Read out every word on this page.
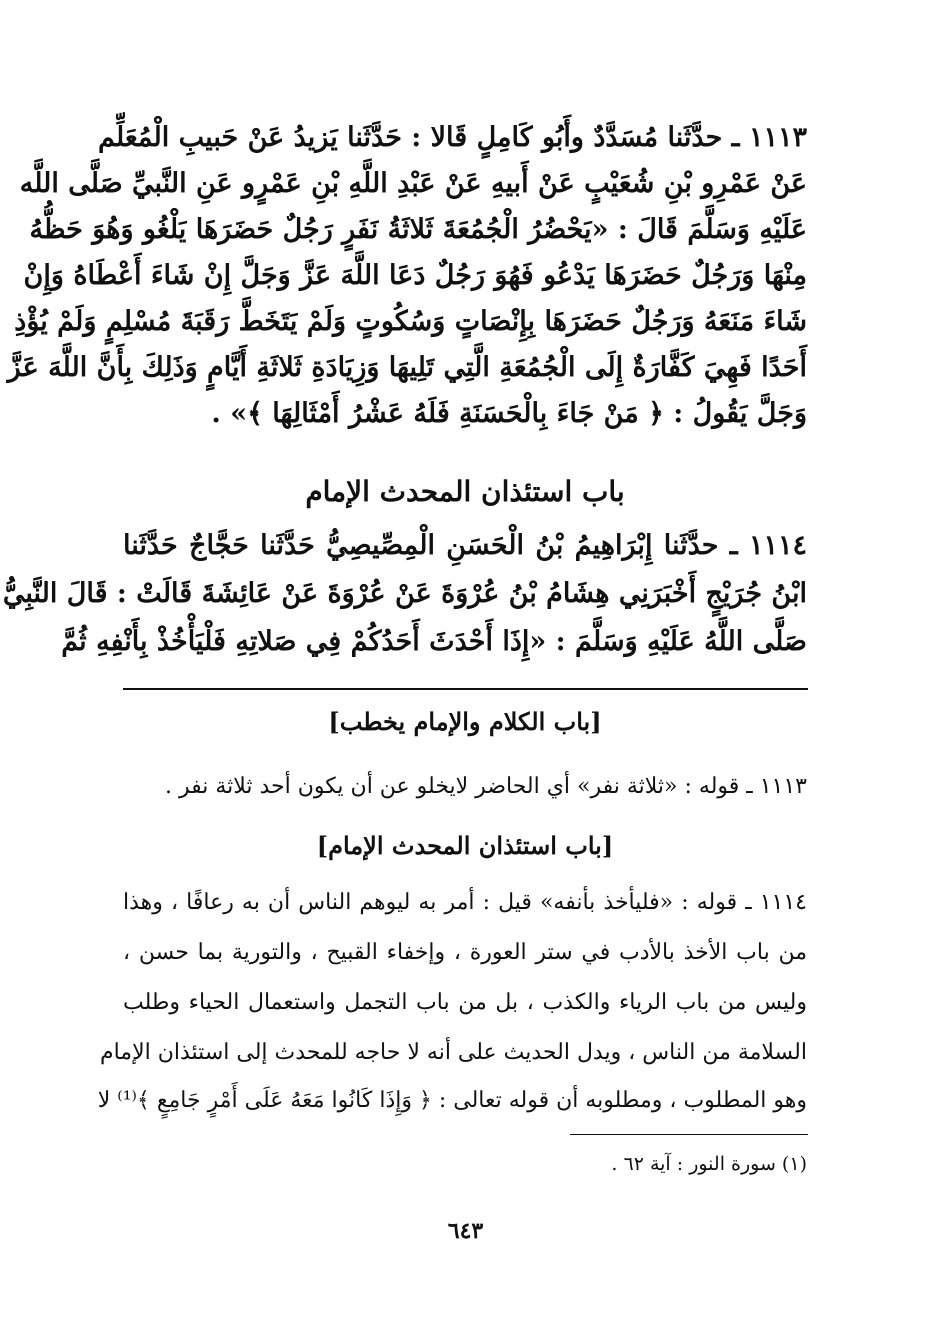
١١١٣ ـ حدَّثَنا مُسَدَّدٌ وأَبُو كَامِلٍ قَالا : حَدَّثَنا يَزيدُ عَنْ حَبيبِ الْمُعَلِّم
عَنْ عَمْرِو بْنِ شُعَيْبٍ عَنْ أَبيهِ عَنْ عَبْدِ اللَّهِ بْنِ عَمْرٍو عَنِ النَّبيِّ صَلَّى اللَّه
عَلَيْهِ وَسَلَّمَ قَالَ : «يَحْضُرُ الْجُمُعَةَ ثَلاثَةُ نَفَرٍ رَجُلٌ حَضَرَهَا يَلْغُو وَهُوَ حَظُّهُ
مِنْهَا وَرَجُلٌ حَضَرَهَا يَدْعُو فَهُوَ رَجُلٌ دَعَا اللَّهَ عَزَّ وَجَلَّ إِنْ شَاءَ أَعْطَاهُ وَإِنْ
شَاءَ مَنَعَهُ وَرَجُلٌ حَضَرَهَا بِإِنْصَاتٍ وَسُكُوتٍ وَلَمْ يَتَخَطَّ رَقَبَةَ مُسْلِمٍ وَلَمْ يُؤْذِ
أَحَدًا فَهِيَ كَفَّارَةٌ إِلَى الْجُمُعَةِ الَّتِي تَلِيهَا وَزِيَادَةِ ثَلاثَةِ أَيَّامٍ وَذَلِكَ بِأَنَّ اللَّهَ عَزَّ
وَجَلَّ يَقُولُ : ﴿ مَنْ جَاءَ بِالْحَسَنَةِ فَلَهُ عَشْرُ أَمْثَالِهَا ﴾» .
باب استئذان المحدث الإمام
١١١٤ ـ حدَّثَنا إِبْرَاهِيمُ بْنُ الْحَسَنِ الْمِصِّيصِيُّ حَدَّثَنا حَجَّاجٌ حَدَّثَنا
ابْنُ جُرَيْجٍ أَخْبَرَنِي هِشَامُ بْنُ عُرْوَةَ عَنْ عُرْوَةَ عَنْ عَائِشَةَ قَالَتْ : قَالَ النَّبِيُّ
صَلَّى اللَّهُ عَلَيْهِ وَسَلَّمَ : «إِذَا أَحْدَثَ أَحَدُكُمْ فِي صَلاتِهِ فَلْيَأْخُذْ بِأَنْفِهِ ثُمَّ
[باب الكلام والإمام يخطب]
١١١٣ ـ قوله : «ثلاثة نفر» أي الحاضر لايخلو عن أن يكون أحد ثلاثة نفر .
[باب استئذان المحدث الإمام]
١١١٤ ـ قوله : «فليأخذ بأنفه» قيل : أمر به ليوهم الناس أن به رعافًا ، وهذا
من باب الأخذ بالأدب في ستر العورة ، وإخفاء القبيح ، والتورية بما حسن ،
وليس من باب الرياء والكذب ، بل من باب التجمل واستعمال الحياء وطلب
السلامة من الناس ، ويدل الحديث على أنه لا حاجه للمحدث إلى استئذان الإمام
وهو المطلوب ، ومطلوبه أن قوله تعالى : ﴿ وَإِذَا كَانُوا مَعَهُ عَلَى أَمْرٍ جَامِعٍ ﴾⁽¹⁾ لا
(١) سورة النور : آية ٦٢ .
٦٤٣
